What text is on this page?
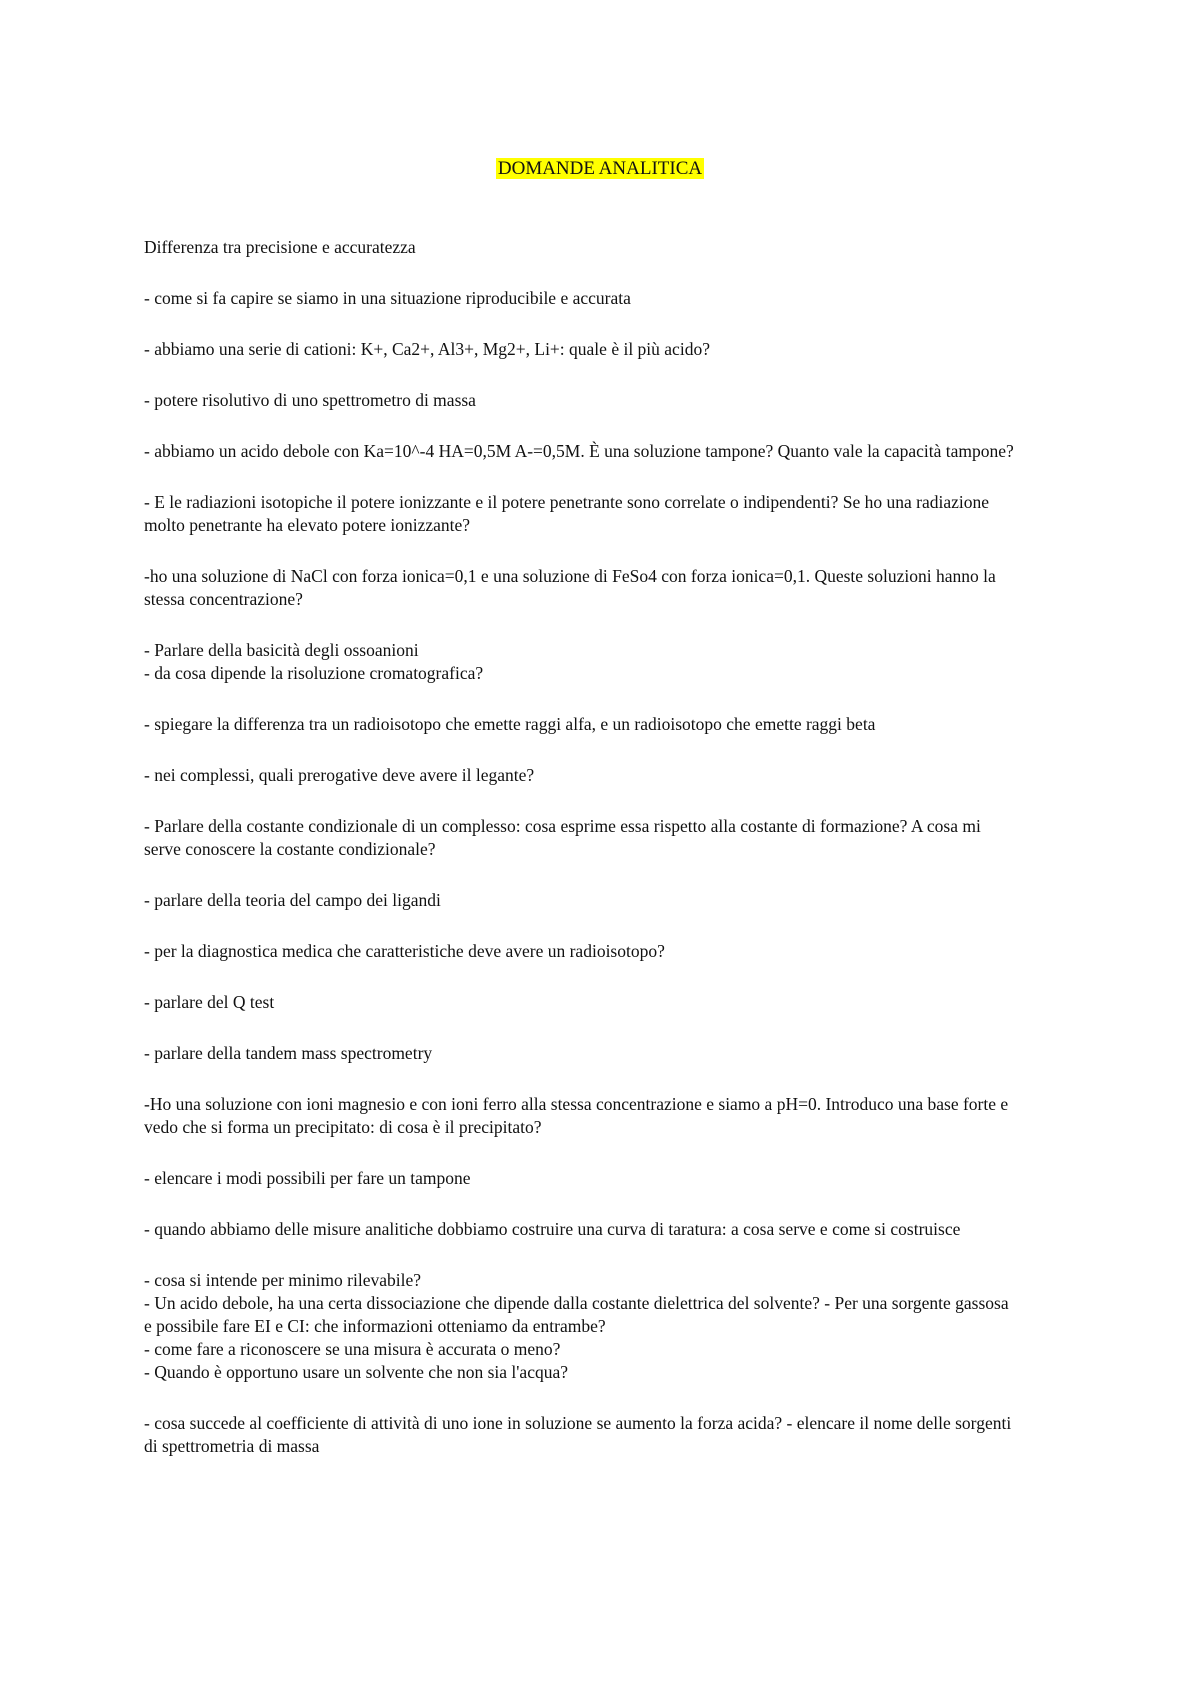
DOMANDE ANALITICA

Differenza tra precisione e accuratezza

- come si fa capire se siamo in una situazione riproducibile e accurata

- abbiamo una serie di cationi: K+, Ca2+, Al3+, Mg2+, Li+: quale è il più acido?

- potere risolutivo di uno spettrometro di massa

- abbiamo un acido debole con Ka=10^-4 HA=0,5M A-=0,5M. È una soluzione tampone? Quanto vale la capacità tampone?

- E le radiazioni isotopiche il potere ionizzante e il potere penetrante sono correlate o indipendenti? Se ho una radiazione molto penetrante ha elevato potere ionizzante?

-ho una soluzione di NaCl con forza ionica=0,1 e una soluzione di FeSo4 con forza ionica=0,1. Queste soluzioni hanno la stessa concentrazione?

- Parlare della basicità degli ossoanioni
- da cosa dipende la risoluzione cromatografica?

- spiegare la differenza tra un radioisotopo che emette raggi alfa, e un radioisotopo che emette raggi beta

- nei complessi, quali prerogative deve avere il legante?

- Parlare della costante condizionale di un complesso: cosa esprime essa rispetto alla costante di formazione? A cosa mi serve conoscere la costante condizionale?

- parlare della teoria del campo dei ligandi

- per la diagnostica medica che caratteristiche deve avere un radioisotopo?

- parlare del Q test

- parlare della tandem mass spectrometry

-Ho una soluzione con ioni magnesio e con ioni ferro alla stessa concentrazione e siamo a pH=0. Introduco una base forte e vedo che si forma un precipitato: di cosa è il precipitato?

- elencare i modi possibili per fare un tampone

- quando abbiamo delle misure analitiche dobbiamo costruire una curva di taratura: a cosa serve e come si costruisce

- cosa si intende per minimo rilevabile?
- Un acido debole, ha una certa dissociazione che dipende dalla costante dielettrica del solvente? - Per una sorgente gassosa e possibile fare EI e CI: che informazioni otteniamo da entrambe?
- come fare a riconoscere se una misura è accurata o meno?
- Quando è opportuno usare un solvente che non sia l'acqua?

- cosa succede al coefficiente di attività di uno ione in soluzione se aumento la forza acida? - elencare il nome delle sorgenti di spettrometria di massa
